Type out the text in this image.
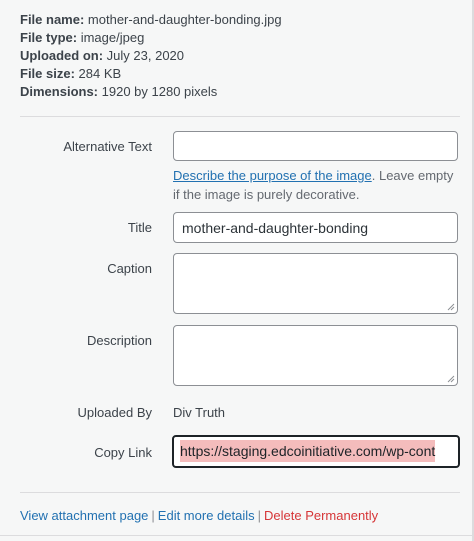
File name: mother-and-daughter-bonding.jpg
File type: image/jpeg
Uploaded on: July 23, 2020
File size: 284 KB
Dimensions: 1920 by 1280 pixels
Alternative Text
Describe the purpose of the image. Leave empty if the image is purely decorative.
Title
mother-and-daughter-bonding
Caption
Description
Uploaded By Div Truth
Copy Link	https://staging.edcoinitiative.com/wp-cont
View attachment page | Edit more details | Delete Permanently
